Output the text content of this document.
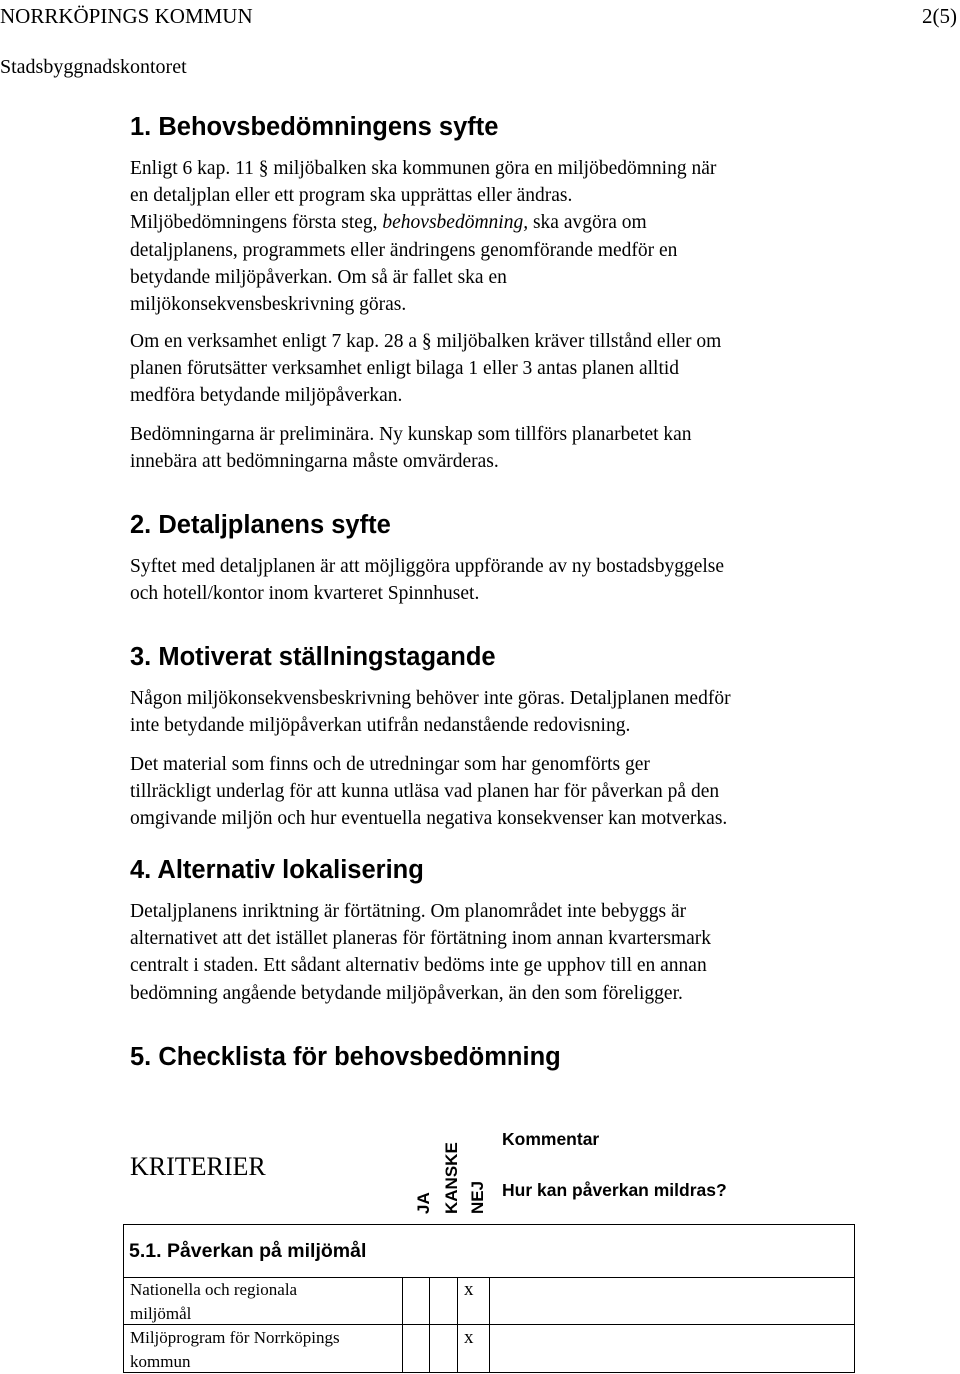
NORRKÖPINGS KOMMUN	2(5)
Stadsbyggnadskontoret
1. Behovsbedömningens syfte
Enligt 6 kap. 11 § miljöbalken ska kommunen göra en miljöbedömning när
en detaljplan eller ett program ska upprättas eller ändras.
Miljöbedömningens första steg, behovsbedömning, ska avgöra om
detaljplanens, programmets eller ändringens genomförande medför en
betydande miljöpåverkan. Om så är fallet ska en
miljökonsekvensbeskrivning göras.
Om en verksamhet enligt 7 kap. 28 a § miljöbalken kräver tillstånd eller om
planen förutsätter verksamhet enligt bilaga 1 eller 3 antas planen alltid
medföra betydande miljöpåverkan.
Bedömningarna är preliminära. Ny kunskap som tillförs planarbetet kan
innebära att bedömningarna måste omvärderas.
2. Detaljplanens syfte
Syftet med detaljplanen är att möjliggöra uppförande av ny bostadsbyggelse
och hotell/kontor inom kvarteret Spinnhuset.
3. Motiverat ställningstagande
Någon miljökonsekvensbeskrivning behöver inte göras. Detaljplanen medför
inte betydande miljöpåverkan utifrån nedanstående redovisning.
Det material som finns och de utredningar som har genomförts ger
tillräckligt underlag för att kunna utläsa vad planen har för påverkan på den
omgivande miljön och hur eventuella negativa konsekvenser kan motverkas.
4. Alternativ lokalisering
Detaljplanens inriktning är förtätning. Om planområdet inte bebyggs är
alternativet att det istället planeras för förtätning inom annan kvartersmark
centralt i staden. Ett sådant alternativ bedöms inte ge upphov till en annan
bedömning angående betydande miljöpåverkan, än den som föreligger.
5. Checklista för behovsbedömning
KRITERIER
JA KANSKE NEJ
Kommentar
Hur kan påverkan mildras?
5.1. Påverkan på miljömål
Nationella och regionala
miljömål
x
Miljöprogram för Norrköpings
kommun
x
